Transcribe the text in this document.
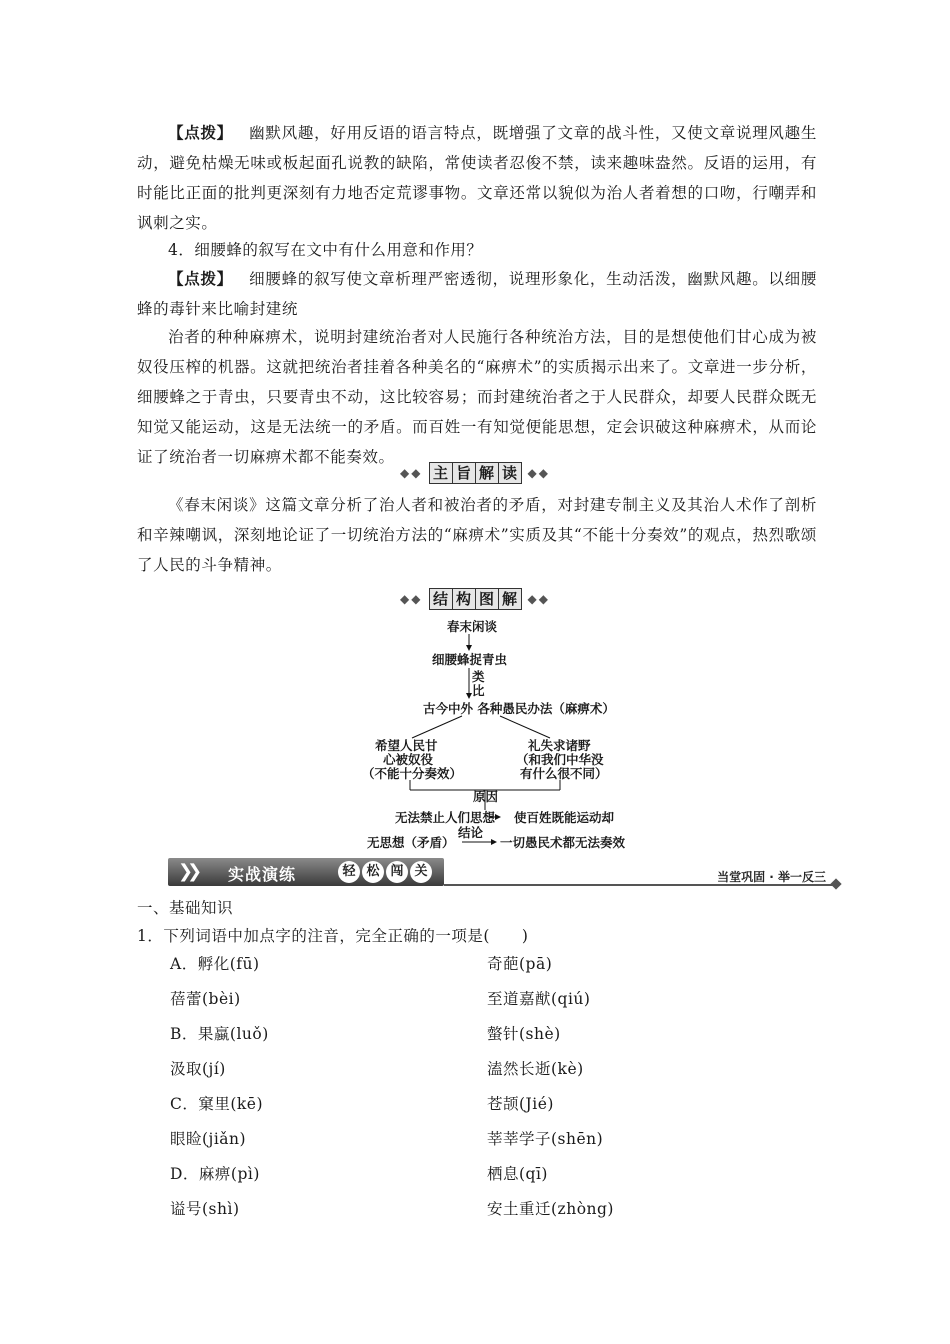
【点拨】  幽默风趣，好用反语的语言特点，既增强了文章的战斗性，又使文章说理风趣生动，避免枯燥无味或板起面孔说教的缺陷，常使读者忍俊不禁，读来趣味盎然。反语的运用，有时能比正面的批判更深刻有力地否定荒谬事物。文章还常以貌似为治人者着想的口吻，行嘲弄和讽刺之实。
4．细腰蜂的叙写在文中有什么用意和作用？
【点拨】  细腰蜂的叙写使文章析理严密透彻，说理形象化，生动活泼，幽默风趣。以细腰蜂的毒针来比喻封建统
治者的种种麻痹术，说明封建统治者对人民施行各种统治方法，目的是想使他们甘心成为被奴役压榨的机器。这就把统治者挂着各种美名的“麻痹术”的实质揭示出来了。文章进一步分析，细腰蜂之于青虫，只要青虫不动，这比较容易；而封建统治者之于人民群众，却要人民群众既无知觉又能运动，这是无法统一的矛盾。而百姓一有知觉便能思想，定会识破这种麻痹术，从而论证了统治者一切麻痹术都不能奏效。
◆◆ 主 旨 解 读 ◆◆
《春末闲谈》这篇文章分析了治人者和被治者的矛盾，对封建专制主义及其治人术作了剖析和辛辣嘲讽，深刻地论证了一切统治方法的“麻痹术”实质及其“不能十分奏效”的观点，热烈歌颂了人民的斗争精神。
◆◆ 结 构 图 解 ◆◆
春末闲谈
细腰蜂捉青虫
类
比
古今中外 各种愚民办法（麻痹术）
希望人民甘
心被奴役
（不能十分奏效）
礼失求诸野
（和我们中华没
有什么很不同）
原因
无法禁止人们思想 使百姓既能运动却
结论
无思想（矛盾）	一切愚民术都无法奏效
❯❯ 实战演练	轻 松 闯 关	当堂巩固 · 举一反三
一、基础知识
1．下列词语中加点字的注音，完全正确的一项是(　　)
A．孵化(fū)	奇葩(pā)
蓓蕾(bèi)	至道嘉猷(qiú)
B．果蠃(luǒ)	螫针(shè)
汲取(jí)	溘然长逝(kè)
C．窠里(kē)	苍颉(Jié)
眼睑(jiǎn)	莘莘学子(shēn)
D．麻痹(pì)	栖息(qī)
谥号(shì)	安土重迁(zhòng)
